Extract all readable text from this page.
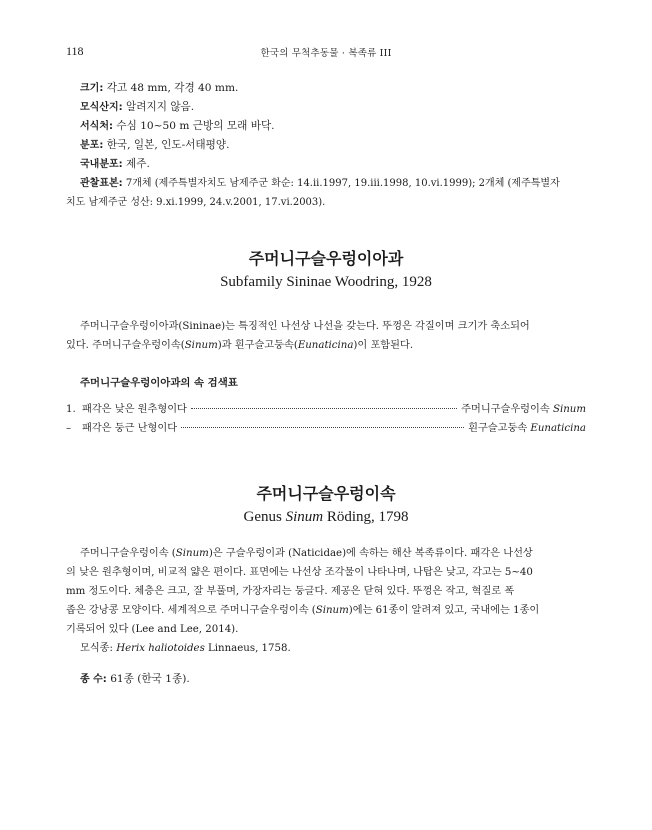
118	한국의 무척추동물 · 복족류 III
크기: 각고 48 mm, 각경 40 mm.
모식산지: 알려지지 않음.
서식처: 수심 10~50 m 근방의 모래 바닥.
분포: 한국, 일본, 인도-서태평양.
국내분포: 제주.
관찰표본: 7개체 (제주특별자치도 남제주군 화순: 14.ii.1997, 19.iii.1998, 10.vi.1999); 2개체 (제주특별자
치도 남제주군 성산: 9.xi.1999, 24.v.2001, 17.vi.2003).
주머니구슬우렁이아과
Subfamily Sininae Woodring, 1928
주머니구슬우렁이아과(Sininae)는 특징적인 나선상 나선을 갖는다. 뚜껑은 각질이며 크기가 축소되어
있다. 주머니구슬우렁이속(Sinum)과 흰구슬고둥속(Eunaticina)이 포함된다.
주머니구슬우렁이아과의 속 검색표
1. 패각은 낮은 원추형이다	주머니구슬우렁이속 Sinum
–	패각은 둥근 난형이다	흰구슬고둥속 Eunaticina
주머니구슬우렁이속
Genus Sinum Röding, 1798
주머니구슬우렁이속 (Sinum)은 구슬우렁이과 (Naticidae)에 속하는 해산 복족류이다. 패각은 나선상
의 낮은 원추형이며, 비교적 얇은 편이다. 표면에는 나선상 조각물이 나타나며, 나탑은 낮고, 각고는 5~40
mm 정도이다. 체층은 크고, 잘 부풀며, 가장자리는 둥글다. 제공은 닫혀 있다. 뚜껑은 작고, 혁질로 폭
좁은 강낭콩 모양이다. 세계적으로 주머니구슬우렁이속 (Sinum)에는 61종이 알려져 있고, 국내에는 1종이
기록되어 있다 (Lee and Lee, 2014).
모식종: Herix haliotoides Linnaeus, 1758.
종 수: 61종 (한국 1종).
